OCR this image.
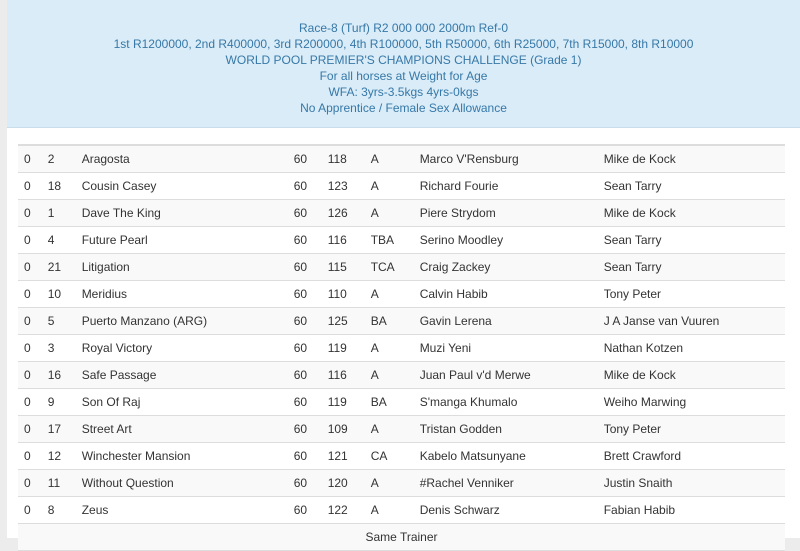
Race-8 (Turf) R2 000 000 2000m Ref-0
1st R1200000, 2nd R400000, 3rd R200000, 4th R100000, 5th R50000, 6th R25000, 7th R15000, 8th R10000
WORLD POOL PREMIER'S CHAMPIONS CHALLENGE (Grade 1)
For all horses at Weight for Age
WFA: 3yrs-3.5kgs 4yrs-0kgs
No Apprentice / Female Sex Allowance
0	2	Aragosta	60	118	A	Marco V'Rensburg	Mike de Kock
0	18	Cousin Casey	60	123	A	Richard Fourie	Sean Tarry
0	1	Dave The King	60	126	A	Piere Strydom	Mike de Kock
0	4	Future Pearl	60	116	TBA	Serino Moodley	Sean Tarry
0	21	Litigation	60	115	TCA	Craig Zackey	Sean Tarry
0	10	Meridius	60	110	A	Calvin Habib	Tony Peter
0	5	Puerto Manzano (ARG)	60	125	BA	Gavin Lerena	J A Janse van Vuuren
0	3	Royal Victory	60	119	A	Muzi Yeni	Nathan Kotzen
0	16	Safe Passage	60	116	A	Juan Paul v'd Merwe	Mike de Kock
0	9	Son Of Raj	60	119	BA	S'manga Khumalo	Weiho Marwing
0	17	Street Art	60	109	A	Tristan Godden	Tony Peter
0	12	Winchester Mansion	60	121	CA	Kabelo Matsunyane	Brett Crawford
0	11	Without Question	60	120	A	#Rachel Venniker	Justin Snaith
0	8	Zeus	60	122	A	Denis Schwarz	Fabian Habib
Same Trainer							
